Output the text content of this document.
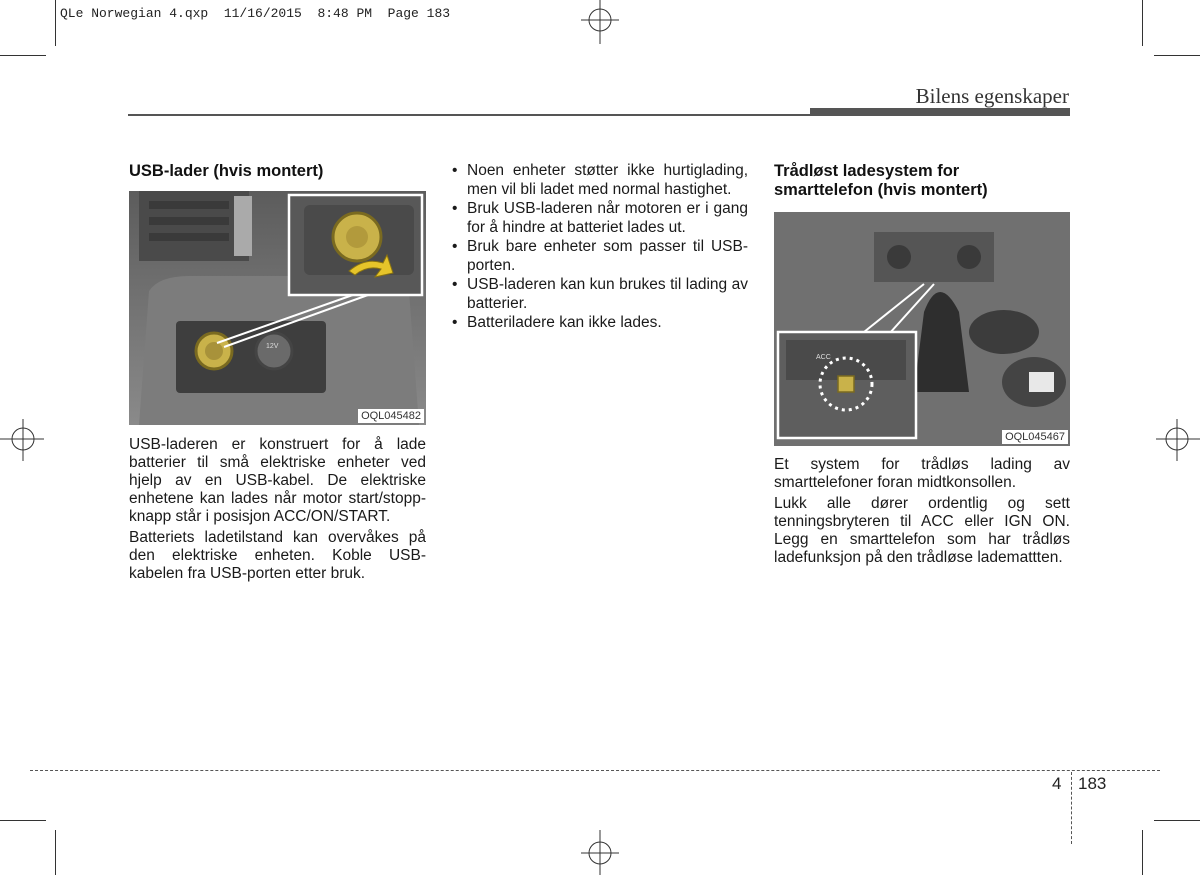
QLe Norwegian 4.qxp  11/16/2015  8:48 PM  Page 183
Bilens egenskaper
USB-lader (hvis montert)
12V
OQL045482

USB-laderen er konstruert for å lade batterier til små elektriske enheter ved hjelp av en USB-kabel. De elektriske enhetene kan lades når motor start/stopp-knapp står i posisjon ACC/ON/START.

Batteriets ladetilstand kan overvåkes på den elektriske enheten. Koble USB-kabelen fra USB-porten etter bruk.

• Noen enheter støtter ikke hurtiglading, men vil bli ladet med normal hastighet.
• Bruk USB-laderen når motoren er i gang for å hindre at batteriet lades ut.
• Bruk bare enheter som passer til USB-porten.
• USB-laderen kan kun brukes til lading av batterier.
• Batteriladere kan ikke lades.
Trådløst ladesystem for
smarttelefon (hvis montert)
ACC
OQL045467

Et system for trådløs lading av smarttelefoner foran midtkonsollen.

Lukk alle dører ordentlig og sett tenningsbryteren til ACC eller IGN ON. Legg en smarttelefon som har trådløs ladefunksjon på den trådløse lademattten.

4 183
